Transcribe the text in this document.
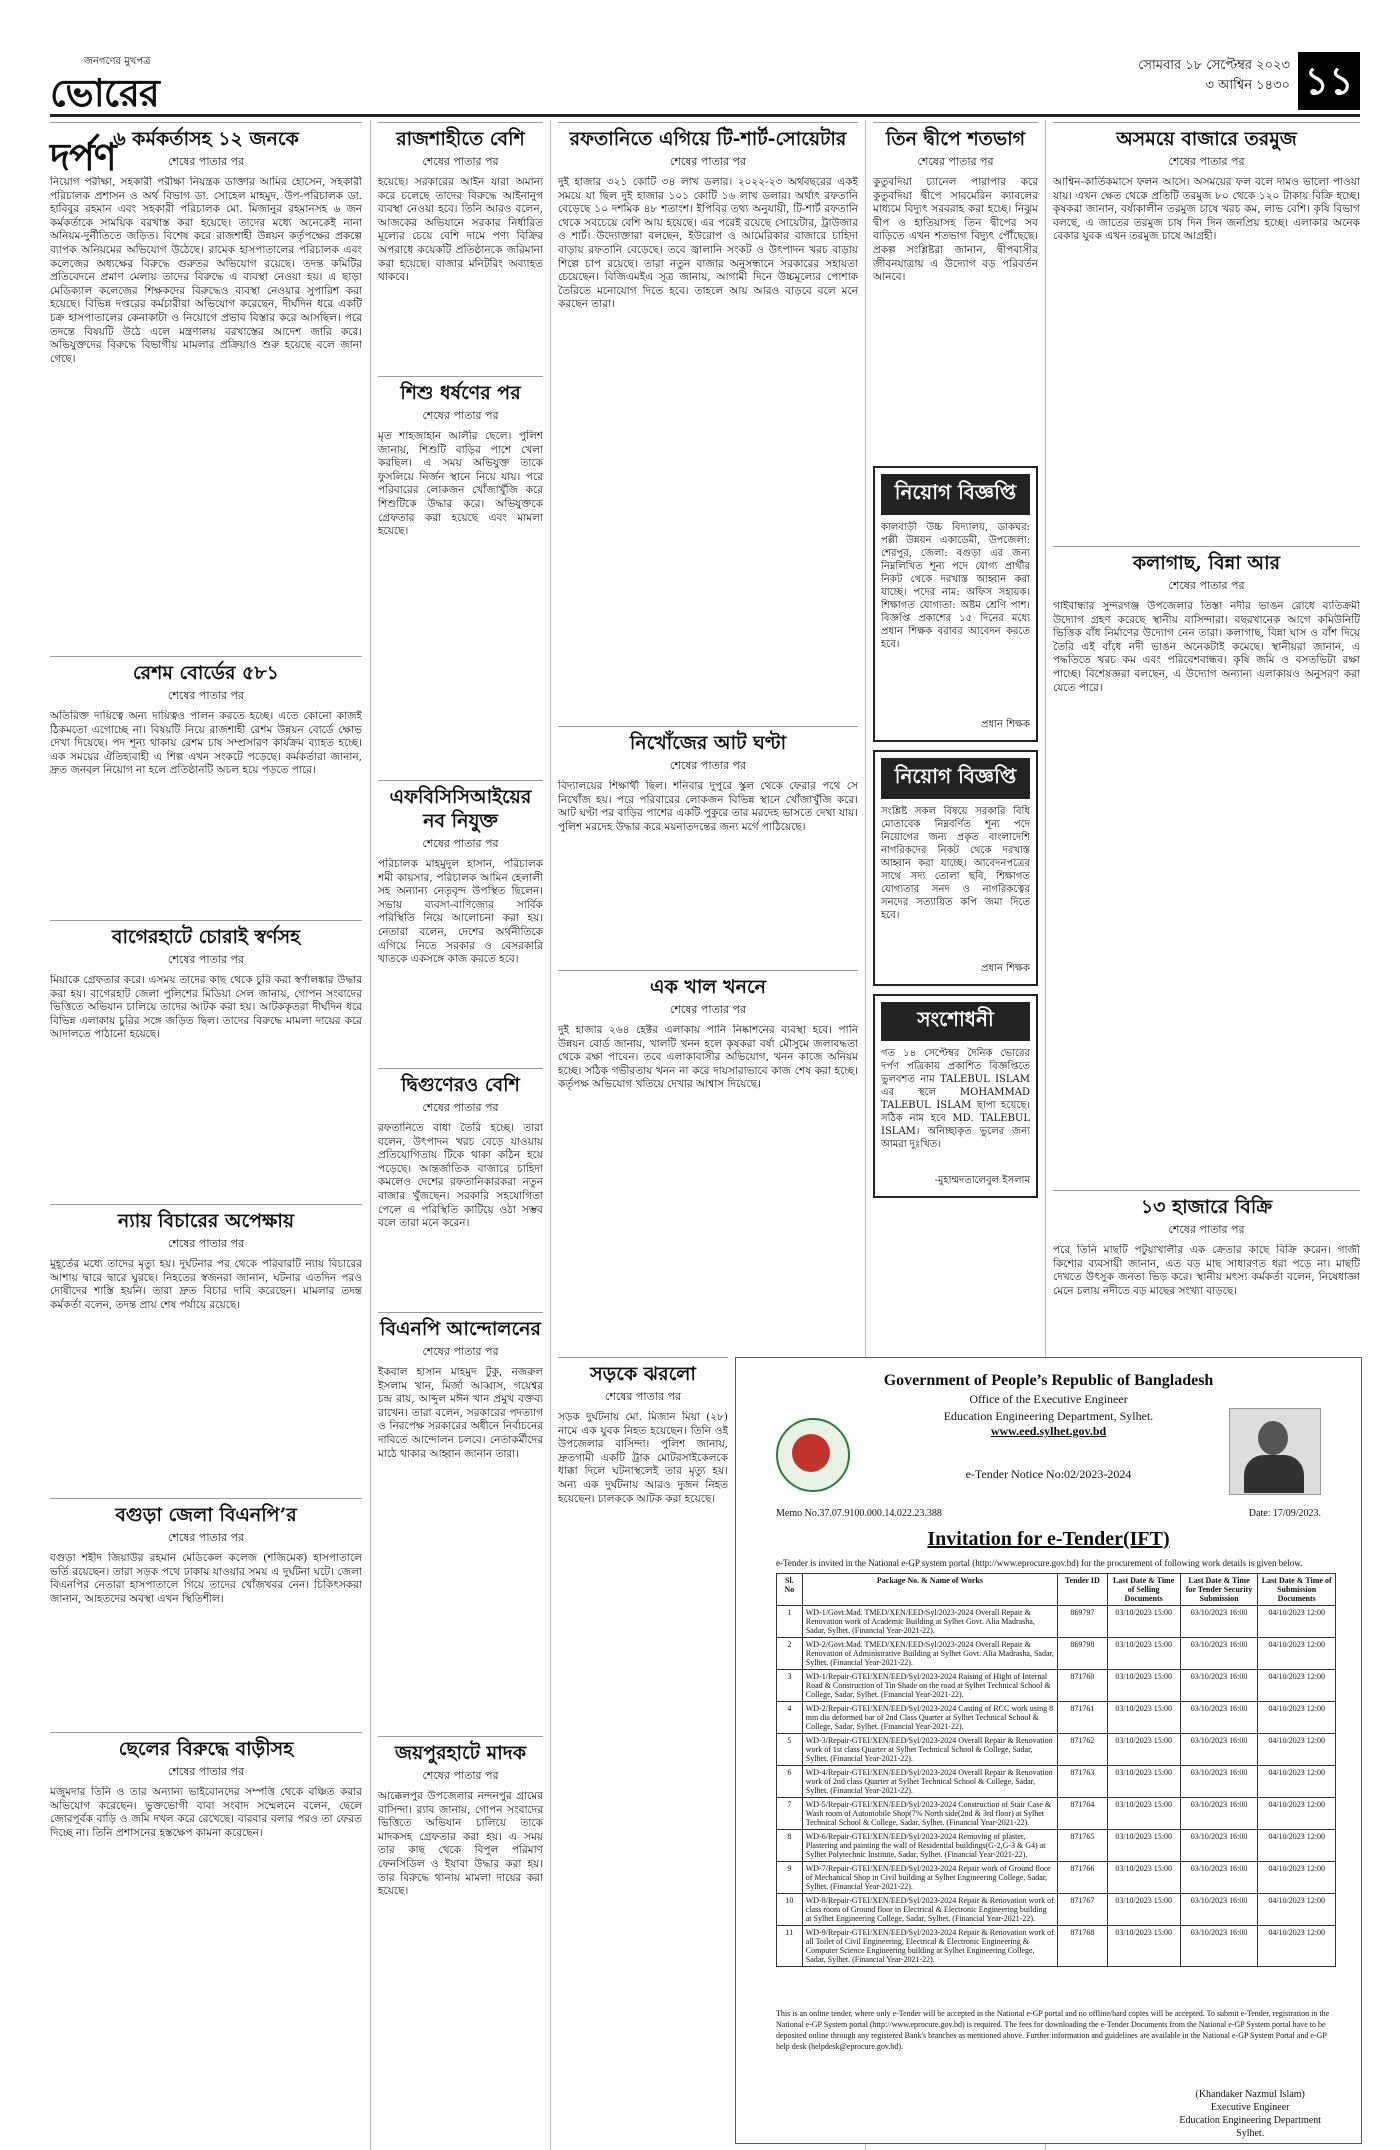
জনগণের মুখপত্র
ভোরের দর্পণ
সোমবার ১৮ সেপ্টেম্বর ২০২৩
৩ আশ্বিন ১৪৩০ ১১
৬ কর্মকর্তাসহ ১২ জনকে
শেষের পাতার পর
নিয়োগ পরীক্ষা, সহকারী পরীক্ষা নিয়ন্ত্রক ডাক্তার আমির হোসেন, সহকারী পরিচালক প্রশাসন ও অর্থ বিভাগ ডা. সোহেল মাহমুদ, উপ-পরিচালক ডা. হাবিবুর রহমান এবং সহকারী পরিচালক মো. মিজানুর রহমানসহ ৬ জন কর্মকর্তাকে সাময়িক বরখাস্ত করা হয়েছে। তাদের মধ্যে অনেকেই নানা অনিয়ম-দুর্নীতিতে জড়িত। বিশেষ করে রাজশাহী উন্নয়ন কর্তৃপক্ষের প্রকল্পে ব্যাপক অনিয়মের অভিযোগ উঠেছে। রামেক হাসপাতালের পরিচালক এবং কলেজের অধ্যক্ষের বিরুদ্ধে গুরুতর অভিযোগ রয়েছে। তদন্ত কমিটির প্রতিবেদনে প্রমাণ মেলায় তাদের বিরুদ্ধে এ ব্যবস্থা নেওয়া হয়। এ ছাড়া মেডিক্যাল কলেজের শিক্ষকদের বিরুদ্ধেও ব্যবস্থা নেওয়ার সুপারিশ করা হয়েছে। বিভিন্ন দপ্তরের কর্মচারীরা অভিযোগ করেছেন, দীর্ঘদিন ধরে একটি চক্র হাসপাতালের কেনাকাটা ও নিয়োগে প্রভাব বিস্তার করে আসছিল। পরে তদন্তে বিষয়টি উঠে এলে মন্ত্রণালয় বরখাস্তের আদেশ জারি করে। অভিযুক্তদের বিরুদ্ধে বিভাগীয় মামলার প্রক্রিয়াও শুরু হয়েছে বলে জানা গেছে।
রেশম বোর্ডের ৫৮১
শেষের পাতার পর
অতিরিক্ত দায়িত্বে অন্য দায়িত্বও পালন করতে হচ্ছে। এতে কোনো কাজই ঠিকমতো এগোচ্ছে না। বিষয়টি নিয়ে রাজশাহী রেশম উন্নয়ন বোর্ডে ক্ষোভ দেখা দিয়েছে। পদ শূন্য থাকায় রেশম চাষ সম্প্রসারণ কার্যক্রম ব্যাহত হচ্ছে। এক সময়ের ঐতিহ্যবাহী এ শিল্প এখন সংকটে পড়েছে। কর্মকর্তারা জানান, দ্রুত জনবল নিয়োগ না হলে প্রতিষ্ঠানটি অচল হয়ে পড়তে পারে।
বাগেরহাটে চোরাই স্বর্ণসহ
শেষের পাতার পর
মিয়াকে গ্রেফতার করে। এসময় তাদের কাছ থেকে চুরি করা স্বর্ণালঙ্কার উদ্ধার করা হয়। বাগেরহাট জেলা পুলিশের মিডিয়া সেল জানায়, গোপন সংবাদের ভিত্তিতে অভিযান চালিয়ে তাদের আটক করা হয়। আটককৃতরা দীর্ঘদিন ধরে বিভিন্ন এলাকায় চুরির সঙ্গে জড়িত ছিল। তাদের বিরুদ্ধে মামলা দায়ের করে আদালতে পাঠানো হয়েছে।
ন্যায় বিচারের অপেক্ষায়
শেষের পাতার পর
মুহূর্তের মধ্যে তাদের মৃত্যু হয়। দুর্ঘটনার পর থেকে পরিবারটি ন্যায় বিচারের আশায় দ্বারে দ্বারে ঘুরছে। নিহতের স্বজনরা জানান, ঘটনার এতদিন পরও দোষীদের শাস্তি হয়নি। তারা দ্রুত বিচার দাবি করেছেন। মামলার তদন্ত কর্মকর্তা বলেন, তদন্ত প্রায় শেষ পর্যায়ে রয়েছে।
বগুড়া জেলা বিএনপি’র
শেষের পাতার পর
বগুড়া শহীদ জিয়াউর রহমান মেডিকেল কলেজ (শজিমেক) হাসপাতালে ভর্তি রয়েছেন। তারা সড়ক পথে ঢাকায় যাওয়ার সময় এ দুর্ঘটনা ঘটে। জেলা বিএনপির নেতারা হাসপাতালে গিয়ে তাদের খোঁজখবর নেন। চিকিৎসকরা জানান, আহতদের অবস্থা এখন স্থিতিশীল।
ছেলের বিরুদ্ধে বাড়ীসহ
শেষের পাতার পর
মজুমদার তিনি ও তার অন্যান্য ভাইবোনদের সম্পত্তি থেকে বঞ্চিত করার অভিযোগ করেছেন। ভুক্তভোগী বাবা সংবাদ সম্মেলনে বলেন, ছেলে জোরপূর্বক বাড়ি ও জমি দখল করে রেখেছে। বারবার বলার পরও তা ফেরত দিচ্ছে না। তিনি প্রশাসনের হস্তক্ষেপ কামনা করেছেন।
রাজশাহীতে বেশি
শেষের পাতার পর
হয়েছে। সরকারের আইন যারা অমান্য করে চলেছে তাদের বিরুদ্ধে আইনানুগ ব্যবস্থা নেওয়া হবে। তিনি আরও বলেন, আজকের অভিযানে সরকার নির্ধারিত মূল্যের চেয়ে বেশি দামে পণ্য বিক্রির অপরাধে কয়েকটি প্রতিষ্ঠানকে জরিমানা করা হয়েছে। বাজার মনিটরিং অব্যাহত থাকবে।
শিশু ধর্ষণের পর
শেষের পাতার পর
মৃত শাহজাহান আলীর ছেলে। পুলিশ জানায়, শিশুটি বাড়ির পাশে খেলা করছিল। এ সময় অভিযুক্ত তাকে ফুসলিয়ে নির্জন স্থানে নিয়ে যায়। পরে পরিবারের লোকজন খোঁজাখুঁজি করে শিশুটিকে উদ্ধার করে। অভিযুক্তকে গ্রেফতার করা হয়েছে এবং মামলা হয়েছে।
এফবিসিসিআইয়ের নব নিযুক্ত
শেষের পাতার পর
পরিচালক মাহমুদুল হাসান, পরিচালক শমী কায়সার, পরিচালক আমিন হেলালী সহ অন্যান্য নেতৃবৃন্দ উপস্থিত ছিলেন। সভায় ব্যবসা-বাণিজ্যের সার্বিক পরিস্থিতি নিয়ে আলোচনা করা হয়। নেতারা বলেন, দেশের অর্থনীতিকে এগিয়ে নিতে সরকার ও বেসরকারি খাতকে একসঙ্গে কাজ করতে হবে।
দ্বিগুণেরও বেশি
শেষের পাতার পর
রফতানিতে বাধা তৈরি হচ্ছে। তারা বলেন, উৎপাদন খরচ বেড়ে যাওয়ায় প্রতিযোগিতায় টিকে থাকা কঠিন হয়ে পড়েছে। আন্তর্জাতিক বাজারে চাহিদা কমলেও দেশের রফতানিকারকরা নতুন বাজার খুঁজছেন। সরকারি সহযোগিতা পেলে এ পরিস্থিতি কাটিয়ে ওঠা সম্ভব বলে তারা মনে করেন।
বিএনপি আন্দোলনের
শেষের পাতার পর
ইকবাল হাসান মাহমুদ টুকু, নজরুল ইসলাম খান, মির্জা আব্বাস, গয়েশ্বর চন্দ্র রায়, আব্দুল মঈন খান প্রমুখ বক্তব্য রাখেন। তারা বলেন, সরকারের পদত্যাগ ও নিরপেক্ষ সরকারের অধীনে নির্বাচনের দাবিতে আন্দোলন চলবে। নেতাকর্মীদের মাঠে থাকার আহ্বান জানান তারা।
জয়পুরহাটে মাদক
শেষের পাতার পর
আক্কেলপুর উপজেলার নন্দনপুর গ্রামের বাসিন্দা। র‌্যাব জানায়, গোপন সংবাদের ভিত্তিতে অভিযান চালিয়ে তাকে মাদকসহ গ্রেফতার করা হয়। এ সময় তার কাছ থেকে বিপুল পরিমাণ ফেনসিডিল ও ইয়াবা উদ্ধার করা হয়। তার বিরুদ্ধে থানায় মামলা দায়ের করা হয়েছে।
রফতানিতে এগিয়ে টি-শার্ট-সোয়েটার
শেষের পাতার পর
দুই হাজার ৩২১ কোটি ৩৪ লাখ ডলার। ২০২২-২৩ অর্থবছরের একই সময়ে যা ছিল দুই হাজার ১০১ কোটি ১৬ লাখ ডলার। অর্থাৎ রফতানি বেড়েছে ১০ দশমিক ৪৮ শতাংশ। ইপিবির তথ্য অনুযায়ী, টি-শার্ট রফতানি থেকে সবচেয়ে বেশি আয় হয়েছে। এর পরেই রয়েছে সোয়েটার, ট্রাউজার ও শার্ট। উদ্যোক্তারা বলছেন, ইউরোপ ও আমেরিকার বাজারে চাহিদা বাড়ায় রফতানি বেড়েছে। তবে জ্বালানি সংকট ও উৎপাদন খরচ বাড়ায় শিল্পে চাপ রয়েছে। তারা নতুন বাজার অনুসন্ধানে সরকারের সহায়তা চেয়েছেন। বিজিএমইএ সূত্র জানায়, আগামী দিনে উচ্চমূল্যের পোশাক তৈরিতে মনোযোগ দিতে হবে। তাহলে আয় আরও বাড়বে বলে মনে করছেন তারা।
নিখোঁজের আট ঘণ্টা
শেষের পাতার পর
বিদ্যালয়ের শিক্ষার্থী ছিল। শনিবার দুপুরে স্কুল থেকে ফেরার পথে সে নিখোঁজ হয়। পরে পরিবারের লোকজন বিভিন্ন স্থানে খোঁজাখুঁজি করে। আট ঘণ্টা পর বাড়ির পাশের একটি পুকুরে তার মরদেহ ভাসতে দেখা যায়। পুলিশ মরদেহ উদ্ধার করে ময়নাতদন্তের জন্য মর্গে পাঠিয়েছে।
এক খাল খননে
শেষের পাতার পর
দুই হাজার ২৬৪ হেক্টর এলাকায় পানি নিষ্কাশনের ব্যবস্থা হবে। পানি উন্নয়ন বোর্ড জানায়, খালটি খনন হলে কৃষকরা বর্ষা মৌসুমে জলাবদ্ধতা থেকে রক্ষা পাবেন। তবে এলাকাবাসীর অভিযোগ, খনন কাজে অনিয়ম হচ্ছে। সঠিক গভীরতায় খনন না করে দায়সারাভাবে কাজ শেষ করা হচ্ছে। কর্তৃপক্ষ অভিযোগ খতিয়ে দেখার আশ্বাস দিয়েছে।
সড়কে ঝরলো
শেষের পাতার পর
সড়ক দুর্ঘটনায় মো. মিজান মিয়া (২৮) নামে এক যুবক নিহত হয়েছেন। তিনি ওই উপজেলার বাসিন্দা। পুলিশ জানায়, দ্রুতগামী একটি ট্রাক মোটরসাইকেলকে ধাক্কা দিলে ঘটনাস্থলেই তার মৃত্যু হয়। অন্য এক দুর্ঘটনায় আরও দুজন নিহত হয়েছেন। চালককে আটক করা হয়েছে।
তিন দ্বীপে শতভাগ
শেষের পাতার পর
কুতুবদিয়া চ্যানেল পারাপার করে কুতুবদিয়া দ্বীপে সাবমেরিন ক্যাবলের মাধ্যমে বিদ্যুৎ সরবরাহ করা হচ্ছে। নিঝুম দ্বীপ ও হাতিয়াসহ তিন দ্বীপের সব বাড়িতে এখন শতভাগ বিদ্যুৎ পৌঁছেছে। প্রকল্প সংশ্লিষ্টরা জানান, দ্বীপবাসীর জীবনযাত্রায় এ উদ্যোগ বড় পরিবর্তন আনবে।
নিয়োগ বিজ্ঞপ্তি
কালবাড়ী উচ্চ বিদ্যালয়, ডাকঘর: পল্লী উন্নয়ন একাডেমী, উপজেলা: শেরপুর, জেলা: বগুড়া এর জন্য নিম্নলিখিত শূন্য পদে যোগ্য প্রার্থীর নিকট থেকে দরখাস্ত আহ্বান করা যাচ্ছে। পদের নাম: অফিস সহায়ক। শিক্ষাগত যোগ্যতা: অষ্টম শ্রেণি পাশ। বিজ্ঞপ্তি প্রকাশের ১৫ দিনের মধ্যে প্রধান শিক্ষক বরাবর আবেদন করতে হবে।
প্রধান শিক্ষক
নিয়োগ বিজ্ঞপ্তি
সংশ্লিষ্ট সকল বিষয়ে সরকারি বিধি মোতাবেক নিম্নবর্ণিত শূন্য পদে নিয়োগের জন্য প্রকৃত বাংলাদেশি নাগরিকদের নিকট থেকে দরখাস্ত আহ্বান করা যাচ্ছে। আবেদনপত্রের সাথে সদ্য তোলা ছবি, শিক্ষাগত যোগ্যতার সনদ ও নাগরিকত্বের সনদের সত্যায়িত কপি জমা দিতে হবে।
প্রধান শিক্ষক
সংশোধনী
গত ১৪ সেপ্টেম্বর দৈনিক ভোরের দর্পণ পত্রিকায় প্রকাশিত বিজ্ঞপ্তিতে ভুলবশত নাম TALEBUL ISLAM এর স্থলে MOHAMMAD TALEBUL ISLAM ছাপা হয়েছে। সঠিক নাম হবে MD. TALEBUL ISLAM। অনিচ্ছাকৃত ভুলের জন্য আমরা দুঃখিত।
-মুহাম্মদতালেবুল ইসলাম
অসময়ে বাজারে তরমুজ
শেষের পাতার পর
আশ্বিন-কার্তিকমাসে ফলন আসে। অসময়ের ফল বলে দামও ভালো পাওয়া যায়। এখন ক্ষেত থেকে প্রতিটি তরমুজ ৮০ থেকে ১২০ টাকায় বিক্রি হচ্ছে। কৃষকরা জানান, বর্ষাকালীন তরমুজ চাষে খরচ কম, লাভ বেশি। কৃষি বিভাগ বলছে, এ জাতের তরমুজ চাষ দিন দিন জনপ্রিয় হচ্ছে। এলাকার অনেক বেকার যুবক এখন তরমুজ চাষে আগ্রহী।
কলাগাছ, বিন্না আর
শেষের পাতার পর
গাইবান্ধার সুন্দরগঞ্জ উপজেলার তিস্তা নদীর ভাঙন রোধে ব্যতিক্রমী উদ্যোগ গ্রহণ করেছে স্থানীয় বাসিন্দারা। বছরখানেক আগে কমিউনিটি ভিত্তিক বাঁধ নির্মাণের উদ্যোগ নেন তারা। কলাগাছ, বিন্না ঘাস ও বাঁশ দিয়ে তৈরি এই বাঁধে নদী ভাঙন অনেকটাই কমেছে। স্থানীয়রা জানান, এ পদ্ধতিতে খরচ কম এবং পরিবেশবান্ধব। কৃষি জমি ও বসতভিটা রক্ষা পাচ্ছে। বিশেষজ্ঞরা বলছেন, এ উদ্যোগ অন্যান্য এলাকায়ও অনুসরণ করা যেতে পারে।
১৩ হাজারে বিক্রি
শেষের পাতার পর
পরে তিনি মাছটি পটুয়াখালীর এক ক্রেতার কাছে বিক্রি করেন। গাজী কিশোর ব্যবসায়ী জানান, এত বড় মাছ সাধারণত ধরা পড়ে না। মাছটি দেখতে উৎসুক জনতা ভিড় করে। স্থানীয় মৎস্য কর্মকর্তা বলেন, নিষেধাজ্ঞা মেনে চলায় নদীতে বড় মাছের সংখ্যা বাড়ছে।
Government of People’s Republic of Bangladesh
Office of the Executive Engineer
Education Engineering Department, Sylhet.
www.eed.sylhet.gov.bd
e-Tender Notice No:02/2023-2024
Memo No.37.07.9100.000.14.022.23.388	Date: 17/09/2023.
Invitation for e-Tender(IFT)
e-Tender is invited in the National e-GP system portal (http://www.eprocure.gov.bd) for the procurement of following work details is given below.
Sl. No	Package No. & Name of Works	Tender ID	Last Date & Time of Selling Documents	Last Date & Time for Tender Security Submission	Last Date & Time of Submission Documents
1	WD-1/Govt.Mad. TMED/XEN/EED/Syl/2023-2024 Overall Repair & Renovation work of Academic Building at Sylhet Govt. Alia Madrasha, Sadar, Sylhet. (Financial Year-2021-22).	869797	03/10/2023 15:00	03/10/2023 16:00	04/10/2023 12:00
2	WD-2/Govt.Mad. TMED/XEN/EED/Syl/2023-2024 Overall Repair & Renovation of Administrative Building at Sylhet Govt. Alia Madrasha, Sadar, Sylhet. (Financial Year-2021-22).	869798	03/10/2023 15:00	03/10/2023 16:00	04/10/2023 12:00
3	WD-1/Repair-GTEI/XEN/EED/Syl/2023-2024 Raising of Hight of Internal Road & Construction of Tin Shade on the road at Sylhet Technical School & College, Sadar, Sylhet. (Financial Year-2021-22).	871760	03/10/2023 15:00	03/10/2023 16:00	04/10/2023 12:00
4	WD-2/Repair-GTEI/XEN/EED/Syl/2023-2024 Casting of RCC work using 8 mm dia deformed bar of 2nd Class Quarter at Sylhet Technical School & College, Sadar, Sylhet. (Financial Year-2021-22).	871761	03/10/2023 15:00	03/10/2023 16:00	04/10/2023 12:00
5	WD-3/Repair-GTEI/XEN/EED/Syl/2023-2024 Overall Repair & Renovation work of 1st class Quarter at Sylhet Technical School & College, Sadar, Sylhet. (Financial Year-2021-22).	871762	03/10/2023 15:00	03/10/2023 16:00	04/10/2023 12:00
6	WD-4/Repair-GTEI/XEN/EED/Syl/2023-2024 Overall Repair & Renovation work of 2nd class Quarter at Sylhet Technical School & College, Sadar, Sylhet. (Financial Year-2021-22).	871763	03/10/2023 15:00	03/10/2023 16:00	04/10/2023 12:00
7	WD-5/Repair-GTEI/XEN/EED/Syl/2023-2024 Construction of Stair Case & Wash room of Automobile Shop(7% North side(2nd & 3rd floor) at Sylhet Technical School & College, Sadar, Sylhet. (Financial Year-2021-22).	871764	03/10/2023 15:00	03/10/2023 16:00	04/10/2023 12:00
8	WD-6/Repair-GTEI/XEN/EED/Syl/2023-2024 Removing of plaster, Plastering and painting the wall of Residential buildings(G-2,G-3 & G4) at Sylhet Polytechnic Institute, Sadar, Sylhet. (Financial Year-2021-22).	871765	03/10/2023 15:00	03/10/2023 16:00	04/10/2023 12:00
9	WD-7/Repair-GTEI/XEN/EED/Syl/2023-2024 Repair work of Ground floor of Mechanical Shop in Civil building at Sylhet Engineering College, Sadar, Sylhet. (Financial Year-2021-22).	871766	03/10/2023 15:00	03/10/2023 16:00	04/10/2023 12:00
10	WD-8/Repair-GTEI/XEN/EED/Syl/2023-2024 Repair & Renovation work of class room of Ground floor in Electrical & Electronic Engineering building at Sylhet Engineering College, Sadar, Sylhet. (Financial Year-2021-22).	871767	03/10/2023 15:00	03/10/2023 16:00	04/10/2023 12:00
11	WD-9/Repair-GTEI/XEN/EED/Syl/2023-2024 Repair & Renovation work of all Toilet of Civil Engineering, Electrical & Electronic Engineering & Computer Science Engineering building at Sylhet Engineering College, Sadar, Sylhet. (Financial Year-2021-22).	871768	03/10/2023 15:00	03/10/2023 16:00	04/10/2023 12:00
This is an online tender, where only e-Tender will be accepted in the National e-GP portal and no offline/hard copies will be accepted. To submit e-Tender, registration in the National e-GP System portal (http://www.eprocure.gov.bd) is required. The fees for downloading the e-Tender Documents from the National e-GP System portal have to be deposited online through any registered Bank's branches as mentioned above. Further information and guidelines are available in the National e-GP System Portal and e-GP help desk (helpdesk@eprocure.gov.bd).
(Khandaker Nazmul Islam)
Executive Engineer
Education Engineering Department
Sylhet.
